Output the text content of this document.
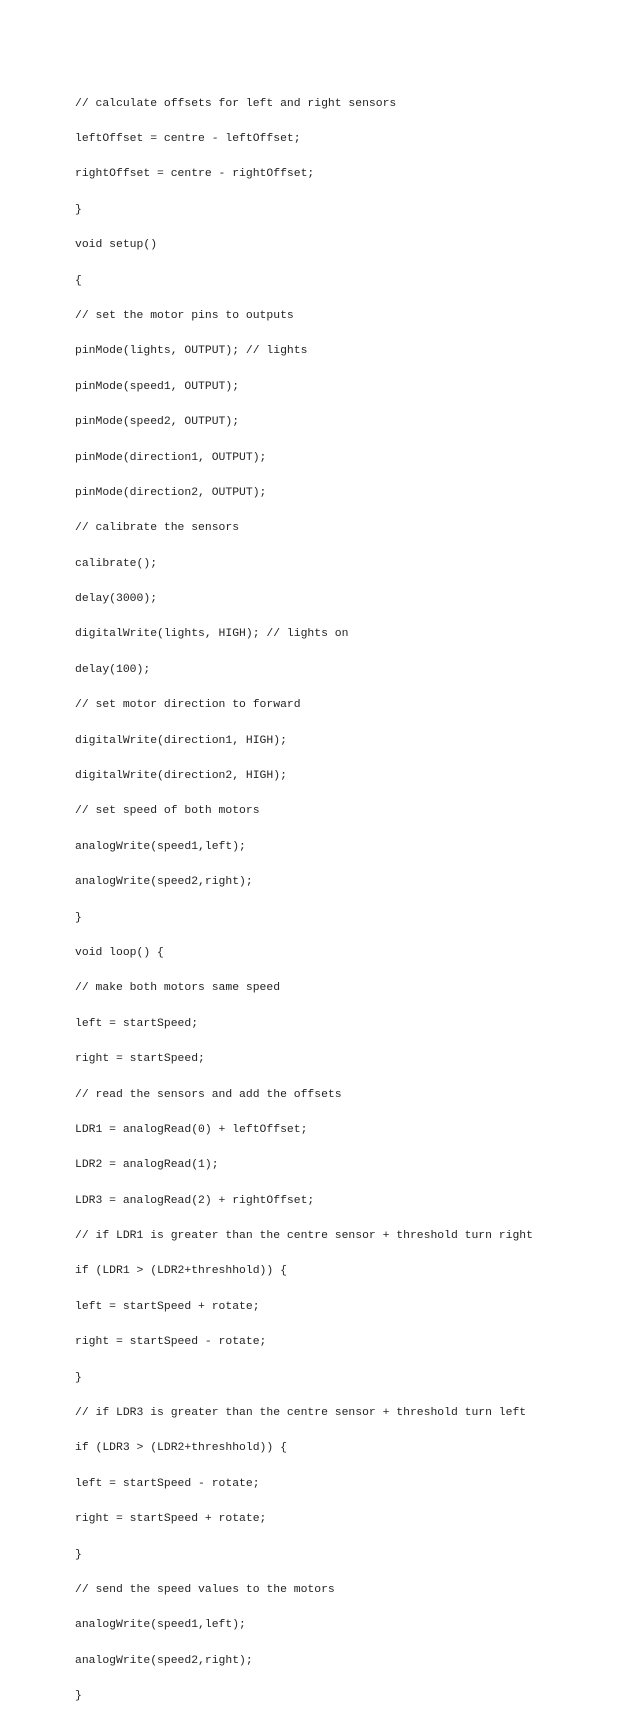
// calculate offsets for left and right sensors

leftOffset = centre - leftOffset;

rightOffset = centre - rightOffset;

}

void setup()

{

// set the motor pins to outputs

pinMode(lights, OUTPUT); // lights

pinMode(speed1, OUTPUT);

pinMode(speed2, OUTPUT);

pinMode(direction1, OUTPUT);

pinMode(direction2, OUTPUT);

// calibrate the sensors

calibrate();

delay(3000);

digitalWrite(lights, HIGH); // lights on

delay(100);

// set motor direction to forward

digitalWrite(direction1, HIGH);

digitalWrite(direction2, HIGH);

// set speed of both motors

analogWrite(speed1,left);

analogWrite(speed2,right);

}

void loop() {

// make both motors same speed

left = startSpeed;

right = startSpeed;

// read the sensors and add the offsets

LDR1 = analogRead(0) + leftOffset;

LDR2 = analogRead(1);

LDR3 = analogRead(2) + rightOffset;

// if LDR1 is greater than the centre sensor + threshold turn right

if (LDR1 > (LDR2+threshhold)) {

left = startSpeed + rotate;

right = startSpeed - rotate;

}

// if LDR3 is greater than the centre sensor + threshold turn left

if (LDR3 > (LDR2+threshhold)) {

left = startSpeed - rotate;

right = startSpeed + rotate;

}

// send the speed values to the motors

analogWrite(speed1,left);

analogWrite(speed2,right);

}
